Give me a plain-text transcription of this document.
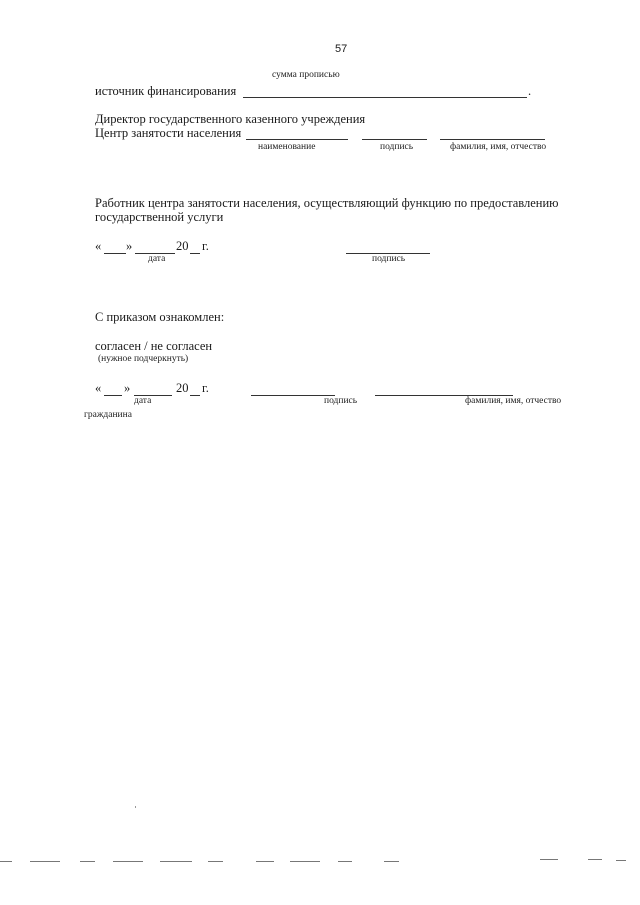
57
сумма прописью
источник финансирования	.
Директор государственного казенного учреждения
Центр занятости населения
наименование	подпись	фамилия, имя, отчество
Работник центра занятости населения, осуществляющий функцию по предоставлению
государственной услуги
« »	20 г.
дата	подпись
С приказом ознакомлен:
согласен / не согласен
(нужное подчеркнуть)
« »	20 г.
дата	подпись	фамилия, имя, отчество
гражданина
